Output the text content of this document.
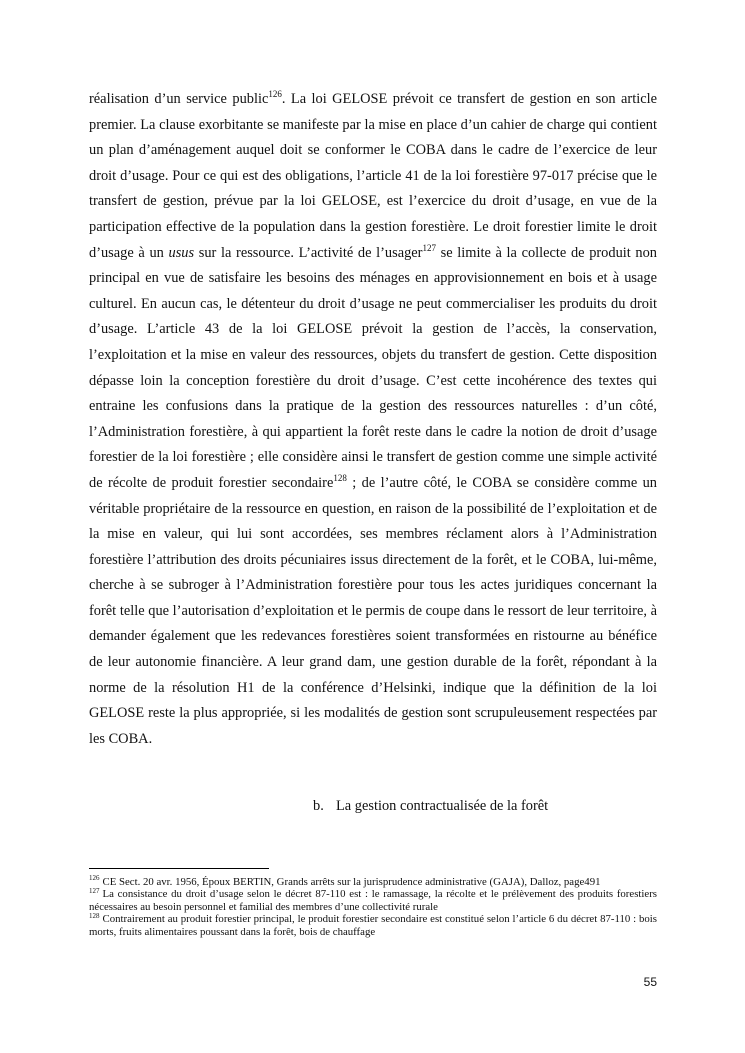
réalisation d’un service public$^{126}$. La loi GELOSE prévoit ce transfert de gestion en son article premier. La clause exorbitante se manifeste par la mise en place d’un cahier de charge qui contient un plan d’aménagement auquel doit se conformer le COBA dans le cadre de l’exercice de leur droit d’usage. Pour ce qui est des obligations, l’article 41 de la loi forestière 97-017 précise que le transfert de gestion, prévue par la loi GELOSE, est l’exercice du droit d’usage, en vue de la participation effective de la population dans la gestion forestière. Le droit forestier limite le droit d’usage à un usus sur la ressource. L’activité de l’usager$^{127}$ se limite à la collecte de produit non principal en vue de satisfaire les besoins des ménages en approvisionnement en bois et à usage culturel. En aucun cas, le détenteur du droit d’usage ne peut commercialiser les produits du droit d’usage. L’article 43 de la loi GELOSE prévoit la gestion de l’accès, la conservation, l’exploitation et la mise en valeur des ressources, objets du transfert de gestion. Cette disposition dépasse loin la conception forestière du droit d’usage. C’est cette incohérence des textes qui entraine les confusions dans la pratique de la gestion des ressources naturelles : d’un côté, l’Administration forestière, à qui appartient la forêt reste dans le cadre la notion de droit d’usage forestier de la loi forestière ; elle considère ainsi le transfert de gestion comme une simple activité de récolte de produit forestier secondaire$^{128}$ ; de l’autre côté, le COBA se considère comme un véritable propriétaire de la ressource en question, en raison de la possibilité de l’exploitation et de la mise en valeur, qui lui sont accordées, ses membres réclament alors à l’Administration forestière l’attribution des droits pécuniaires issus directement de la forêt, et le COBA, lui-même, cherche à se subroger à l’Administration forestière pour tous les actes juridiques concernant la forêt telle que l’autorisation d’exploitation et le permis de coupe dans le ressort de leur territoire, à demander également que les redevances forestières soient transformées en ristourne au bénéfice de leur autonomie financière. A leur grand dam, une gestion durable de la forêt, répondant à la norme de la résolution H1 de la conférence d’Helsinki, indique que la définition de la loi GELOSE reste la plus appropriée, si les modalités de gestion sont scrupuleusement respectées par les COBA.

b. La gestion contractualisée de la forêt

$^{126}$ CE Sect. 20 avr. 1956, Époux BERTIN, Grands arrêts sur la jurisprudence administrative (GAJA), Dalloz, page491

$^{127}$ La consistance du droit d’usage selon le décret 87-110 est : le ramassage, la récolte et le prélèvement des produits forestiers nécessaires au besoin personnel et familial des membres d’une collectivité rurale

$^{128}$ Contrairement au produit forestier principal, le produit forestier secondaire est constitué selon l’article 6 du décret 87-110 : bois morts, fruits alimentaires poussant dans la forêt, bois de chauffage

55
